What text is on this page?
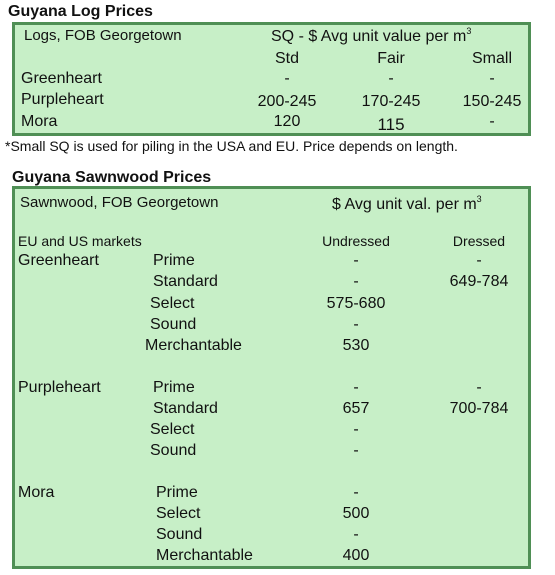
Guyana Log Prices
Logs, FOB Georgetown	SQ - $ Avg unit value per $m^3$
Std	Fair	Small
Greenheart	-	-	-
Purpleheart	200-245	170-245	150-245
Mora	120	115	-
*Small SQ is used for piling in the USA and EU. Price depends on length.
Guyana Sawnwood Prices
Sawnwood, FOB Georgetown	$ Avg unit val. per $m^3$
EU and US markets	Undressed	Dressed
Greenheart	Prime	-	-
Standard	-	649-784
Select	575-680
Sound	-
Merchantable	530
Purpleheart	Prime	-	-
Standard	657	700-784
Select	-
Sound	-
Mora	Prime	-
Select	500
Sound	-
Merchantable	400
